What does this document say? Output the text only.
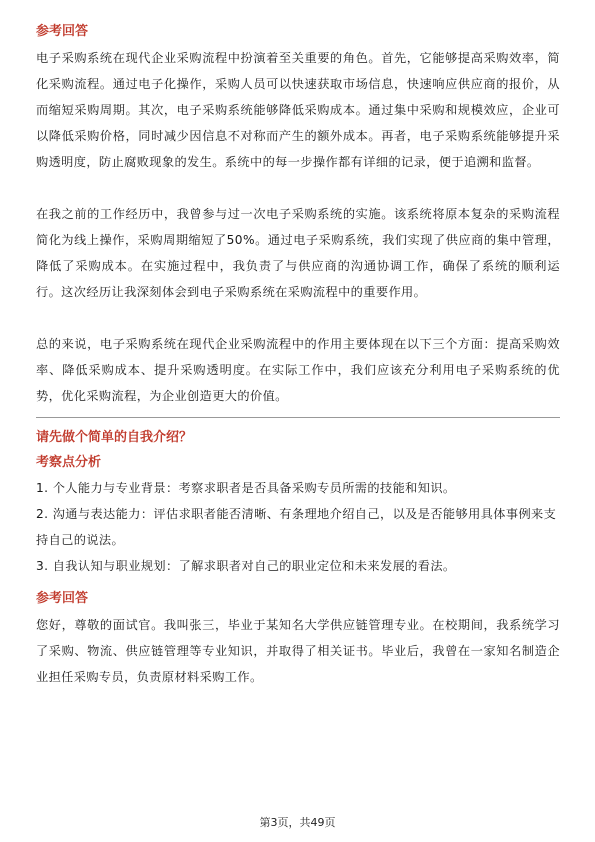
参考回答

电子采购系统在现代企业采购流程中扮演着至关重要的角色。首先，它能够提高采购效率，简化采购流程。通过电子化操作，采购人员可以快速获取市场信息，快速响应供应商的报价，从而缩短采购周期。其次，电子采购系统能够降低采购成本。通过集中采购和规模效应，企业可以降低采购价格，同时减少因信息不对称而产生的额外成本。再者，电子采购系统能够提升采购透明度，防止腐败现象的发生。系统中的每一步操作都有详细的记录，便于追溯和监督。

在我之前的工作经历中，我曾参与过一次电子采购系统的实施。该系统将原本复杂的采购流程简化为线上操作，采购周期缩短了50%。通过电子采购系统，我们实现了供应商的集中管理，降低了采购成本。在实施过程中，我负责了与供应商的沟通协调工作，确保了系统的顺利运行。这次经历让我深刻体会到电子采购系统在采购流程中的重要作用。

总的来说，电子采购系统在现代企业采购流程中的作用主要体现在以下三个方面：提高采购效率、降低采购成本、提升采购透明度。在实际工作中，我们应该充分利用电子采购系统的优势，优化采购流程，为企业创造更大的价值。

请先做个简单的自我介绍？
考察点分析

1. 个人能力与专业背景：考察求职者是否具备采购专员所需的技能和知识。

2. 沟通与表达能力：评估求职者能否清晰、有条理地介绍自己，以及是否能够用具体事例来支持自己的说法。

3. 自我认知与职业规划：了解求职者对自己的职业定位和未来发展的看法。

参考回答

您好，尊敬的面试官。我叫张三，毕业于某知名大学供应链管理专业。在校期间，我系统学习了采购、物流、供应链管理等专业知识，并取得了相关证书。毕业后，我曾在一家知名制造企业担任采购专员，负责原材料采购工作。

第3页，共49页
